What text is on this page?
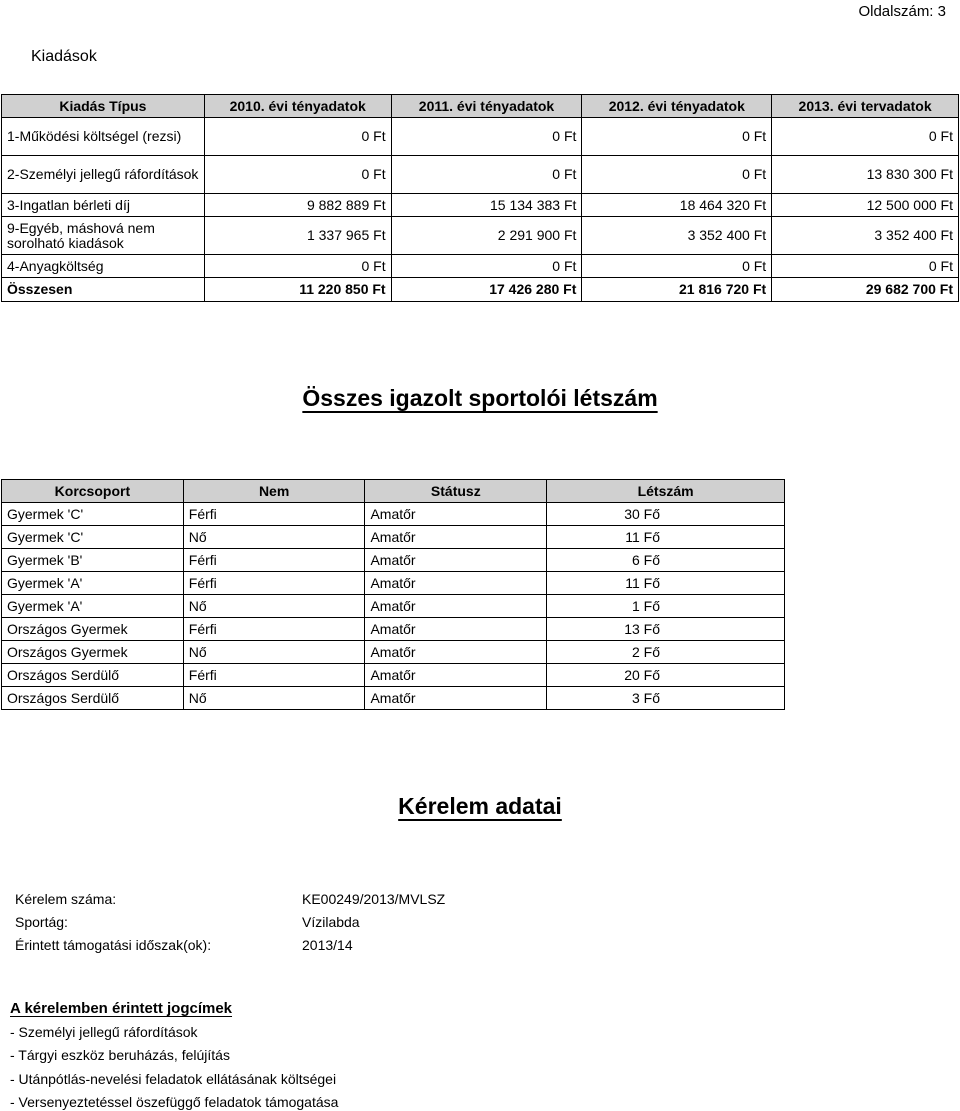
Oldalszám: 3
Kiadások
Kiadás Típus	2010. évi tényadatok	2011. évi tényadatok	2012. évi tényadatok	2013. évi tervadatok
1-Működési költségel (rezsi)	0 Ft	0 Ft	0 Ft	0 Ft
2-Személyi jellegű ráfordítások	0 Ft	0 Ft	0 Ft	13 830 300 Ft
3-Ingatlan bérleti díj	9 882 889 Ft	15 134 383 Ft	18 464 320 Ft	12 500 000 Ft
9-Egyéb, máshová nem sorolható kiadások	1 337 965 Ft	2 291 900 Ft	3 352 400 Ft	3 352 400 Ft
4-Anyagköltség	0 Ft	0 Ft	0 Ft	0 Ft
Összesen	11 220 850 Ft	17 426 280 Ft	21 816 720 Ft	29 682 700 Ft
Összes igazolt sportolói létszám
Korcsoport	Nem	Státusz	Létszám
Gyermek 'C'	Férfi	Amatőr	30 Fő
Gyermek 'C'	Nő	Amatőr	11 Fő
Gyermek 'B'	Férfi	Amatőr	6 Fő
Gyermek 'A'	Férfi	Amatőr	11 Fő
Gyermek 'A'	Nő	Amatőr	1 Fő
Országos Gyermek	Férfi	Amatőr	13 Fő
Országos Gyermek	Nő	Amatőr	2 Fő
Országos Serdülő	Férfi	Amatőr	20 Fő
Országos Serdülő	Nő	Amatőr	3 Fő
Kérelem adatai
Kérelem száma:	KE00249/2013/MVLSZ
Sportág:	Vízilabda
Érintett támogatási időszak(ok):	2013/14
A kérelemben érintett jogcímek
- Személyi jellegű ráfordítások
- Tárgyi eszköz beruházás, felújítás
- Utánpótlás-nevelési feladatok ellátásának költségei
- Versenyeztetéssel öszefüggő feladatok támogatása
